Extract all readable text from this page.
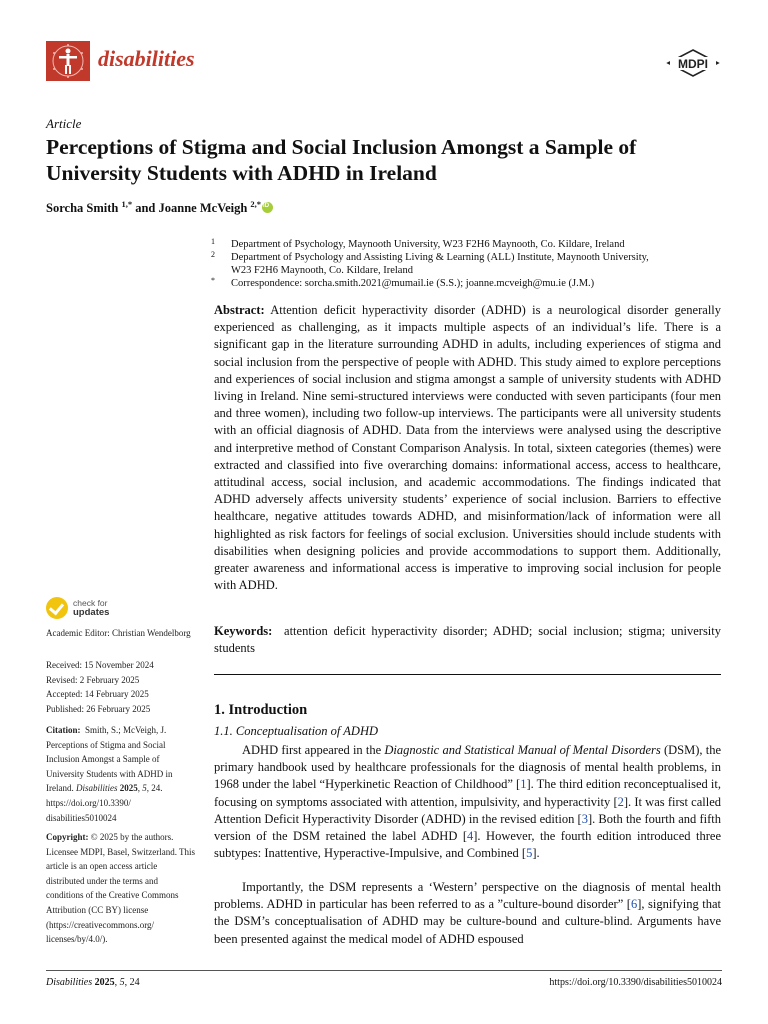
disabilities	MDPI
Article
Perceptions of Stigma and Social Inclusion Amongst a Sample of University Students with ADHD in Ireland
Sorcha Smith $^{1,*}$ and Joanne McVeigh $^{2,*}$iD
1 Department of Psychology, Maynooth University, W23 F2H6 Maynooth, Co. Kildare, Ireland
2 Department of Psychology and Assisting Living & Learning (ALL) Institute, Maynooth University,
W23 F2H6 Maynooth, Co. Kildare, Ireland
* Correspondence: sorcha.smith.2021@mumail.ie (S.S.); joanne.mcveigh@mu.ie (J.M.)
Abstract: Attention deficit hyperactivity disorder (ADHD) is a neurological disorder generally experienced as challenging, as it impacts multiple aspects of an individual’s life. There is a significant gap in the literature surrounding ADHD in adults, including experiences of stigma and social inclusion from the perspective of people with ADHD. This study aimed to explore perceptions and experiences of social inclusion and stigma amongst a sample of university students with ADHD living in Ireland. Nine semi-structured interviews were conducted with seven participants (four men and three women), including two follow-up interviews. The participants were all university students with an official diagnosis of ADHD. Data from the interviews were analysed using the descriptive and interpretive method of Constant Comparison Analysis. In total, sixteen categories (themes) were extracted and classified into five overarching domains: informational access, access to healthcare, attitudinal access, social inclusion, and academic accommodations. The findings indicated that ADHD adversely affects university students’ experience of social inclusion. Barriers to effective healthcare, negative attitudes towards ADHD, and misinformation/lack of information were all highlighted as risk factors for feelings of social exclusion. Universities should include students with disabilities when designing policies and provide accommodations to support them. Additionally, greater awareness and informational access is imperative to improving social inclusion for people with ADHD.
Keywords: attention deficit hyperactivity disorder; ADHD; social inclusion; stigma; university students
check for
updates
Academic Editor: Christian Wendelborg
Received: 15 November 2024
Revised: 2 February 2025
Accepted: 14 February 2025
Published: 26 February 2025
Citation: Smith, S.; McVeigh, J. Perceptions of Stigma and Social Inclusion Amongst a Sample of University Students with ADHD in Ireland. Disabilities 2025, 5, 24. https://doi.org/10.3390/ disabilities5010024
Copyright: © 2025 by the authors. Licensee MDPI, Basel, Switzerland. This article is an open access article distributed under the terms and conditions of the Creative Commons Attribution (CC BY) license (https://creativecommons.org/ licenses/by/4.0/).
1. Introduction
1.1. Conceptualisation of ADHD
ADHD first appeared in the Diagnostic and Statistical Manual of Mental Disorders (DSM), the primary handbook used by healthcare professionals for the diagnosis of mental health problems, in 1968 under the label “Hyperkinetic Reaction of Childhood” [1]. The third edition reconceptualised it, focusing on symptoms associated with attention, impulsivity, and hyperactivity [2]. It was first called Attention Deficit Hyperactivity Disorder (ADHD) in the revised edition [3]. Both the fourth and fifth version of the DSM retained the label ADHD [4]. However, the fourth edition introduced three subtypes: Inattentive, Hyperactive-Impulsive, and Combined [5].
Importantly, the DSM represents a ‘Western’ perspective on the diagnosis of mental health problems. ADHD in particular has been referred to as a ”culture-bound disorder” [6], signifying that the DSM’s conceptualisation of ADHD may be culture-bound and culture-blind. Arguments have been presented against the medical model of ADHD espoused
Disabilities 2025, 5, 24	https://doi.org/10.3390/disabilities5010024
